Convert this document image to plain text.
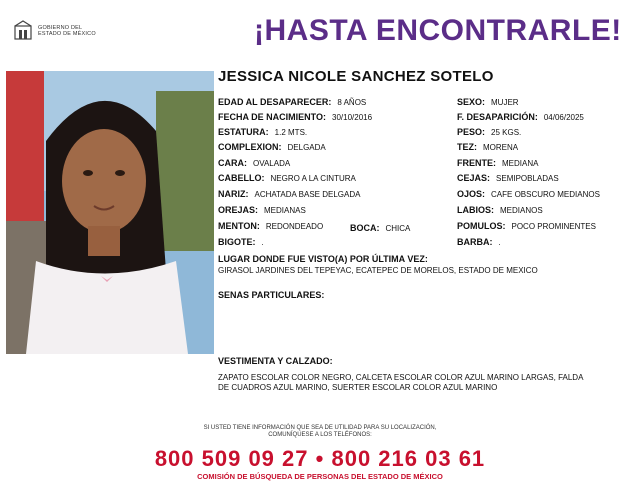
GOBIERNO DEL
ESTADO DE MÉXICO	¡HASTA ENCONTRARLE!
JESSICA NICOLE SANCHEZ SOTELO
EDAD AL DESAPARECER: 8 AÑOS
FECHA DE NACIMIENTO: 30/10/2016
ESTATURA: 1.2 MTS.
COMPLEXION: DELGADA
CARA: OVALADA
CABELLO: NEGRO A LA CINTURA
NARIZ: ACHATADA BASE DELGADA
OREJAS: MEDIANAS
MENTON: REDONDEADO	BOCA: CHICA
BIGOTE: .
SEXO: MUJER
F. DESAPARICIÓN: 04/06/2025
PESO: 25 KGS.
TEZ: MORENA
FRENTE: MEDIANA
CEJAS: SEMIPOBLADAS
OJOS: CAFE OBSCURO MEDIANOS
LABIOS: MEDIANOS
POMULOS: POCO PROMINENTES
BARBA: .
LUGAR DONDE FUE VISTO(A) POR ÚLTIMA VEZ:
GIRASOL JARDINES DEL TEPEYAC, ECATEPEC DE MORELOS, ESTADO DE MEXICO
SENAS PARTICULARES:
VESTIMENTA Y CALZADO:
ZAPATO ESCOLAR COLOR NEGRO, CALCETA ESCOLAR COLOR AZUL MARINO LARGAS, FALDA DE CUADROS AZUL MARINO, SUERTER ESCOLAR COLOR AZUL MARINO
SI USTED TIENE INFORMACIÓN QUE SEA DE UTILIDAD PARA SU LOCALIZACIÓN,
COMUNÍQUESE A LOS TELÉFONOS:
800 509 09 27 • 800 216 03 61
COMISIÓN DE BÚSQUEDA DE PERSONAS DEL ESTADO DE MÉXICO
